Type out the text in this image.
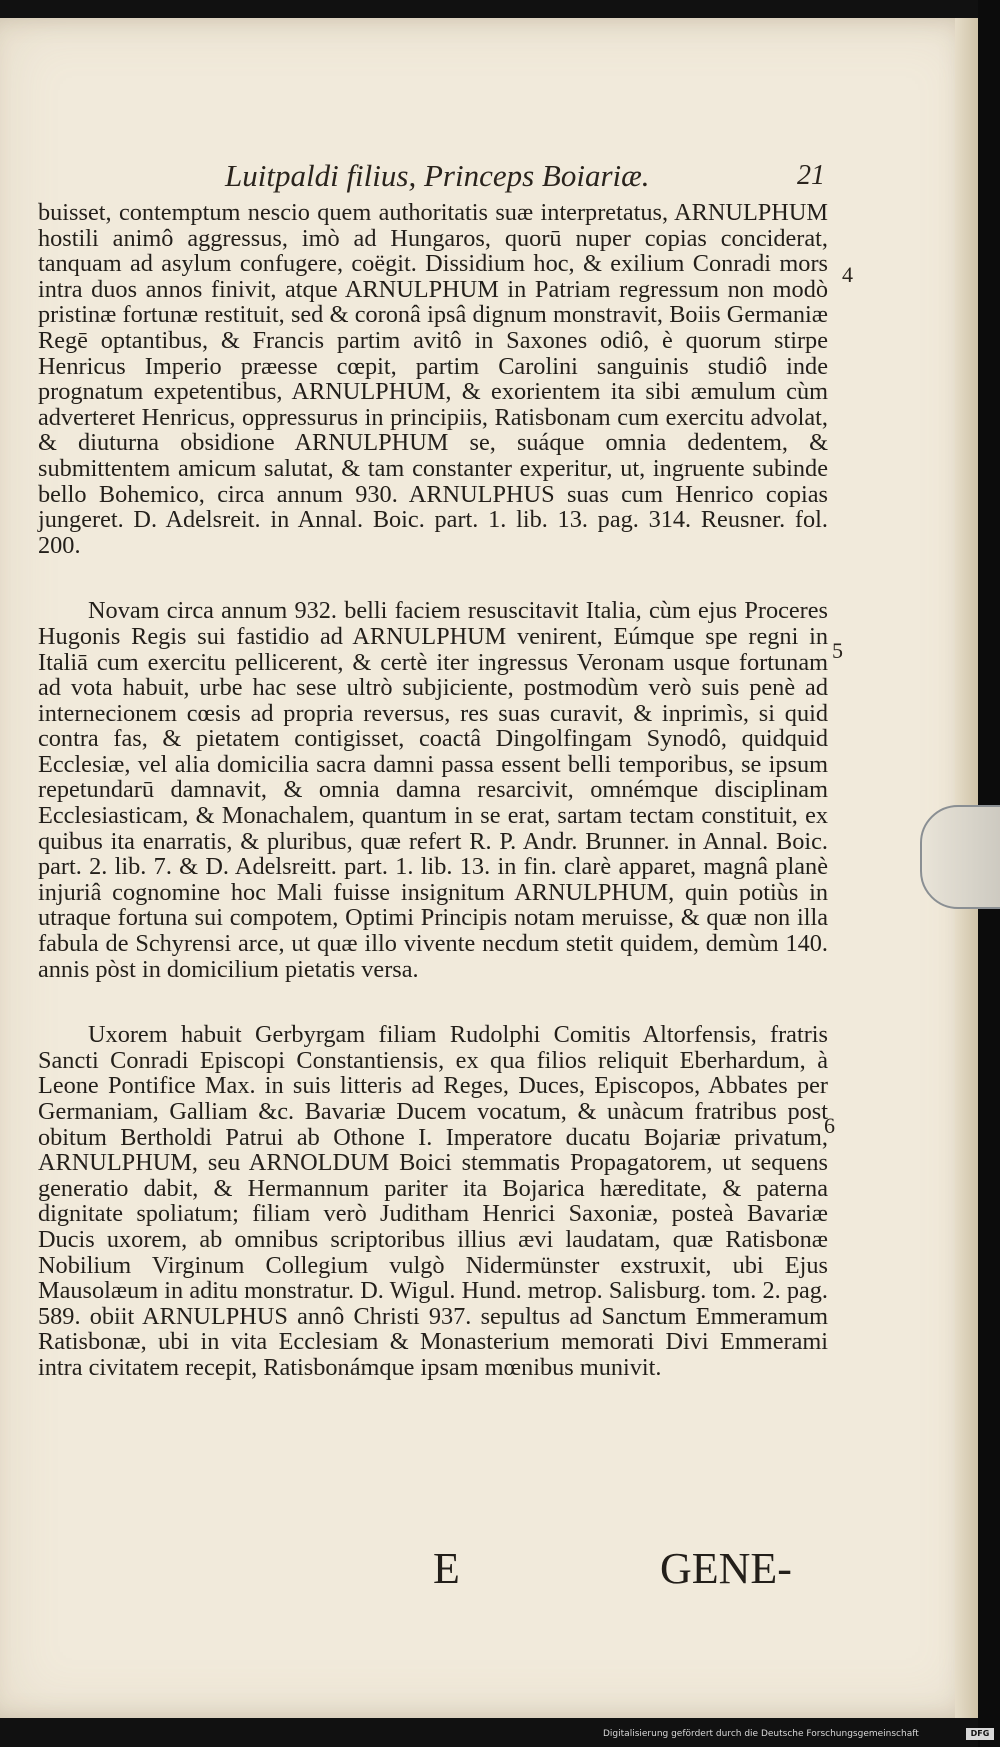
Luitpaldi filius, Princeps Boiariæ.	21

buisset, contemptum nescio quem authoritatis suæ interpretatus, ARNULPHUM hostili animô aggressus, imò ad Hungaros, quorū nuper copias conciderat, tanquam ad asylum confugere, coëgit. Dissidium hoc, & exilium Conradi mors intra duos annos finivit, atque ARNULPHUM in Patriam regressum non modò pristinæ fortunæ restituit, sed & coronâ ipsâ dignum monstravit, Boiis Germaniæ Regē optantibus, & Francis partim avitô in Saxones odiô, è quorum stirpe Henricus Imperio præesse cœpit, partim Carolini sanguinis studiô inde prognatum expetentibus, ARNULPHUM, & exorientem ita sibi æmulum cùm adverteret Henricus, oppressurus in principiis, Ratisbonam cum exercitu advolat, & diuturna obsidione ARNULPHUM se, suáque omnia dedentem, & submittentem amicum salutat, & tam constanter experitur, ut, ingruente subinde bello Bohemico, circa annum 930. ARNULPHUS suas cum Henrico copias jungeret. D. Adelsreit. in Annal. Boic. part. 1. lib. 13. pag. 314. Reusner. fol. 200.

Novam circa annum 932. belli faciem resuscitavit Italia, cùm ejus Proceres Hugonis Regis sui fastidio ad ARNULPHUM venirent, Eúmque spe regni in Italiā cum exercitu pellicerent, & certè iter ingressus Veronam usque fortunam ad vota habuit, urbe hac sese ultrò subjiciente, postmodùm verò suis penè ad internecionem cœsis ad propria reversus, res suas curavit, & inprimìs, si quid contra fas, & pietatem contigisset, coactâ Dingolfingam Synodô, quidquid Ecclesiæ, vel alia domicilia sacra damni passa essent belli temporibus, se ipsum repetundarū damnavit, & omnia damna resarcivit, omnémque disciplinam Ecclesiasticam, & Monachalem, quantum in se erat, sartam tectam constituit, ex quibus ita enarratis, & pluribus, quæ refert R. P. Andr. Brunner. in Annal. Boic. part. 2. lib. 7. & D. Adelsreitt. part. 1. lib. 13. in fin. clarè apparet, magnâ planè injuriâ cognomine hoc Mali fuisse insignitum ARNULPHUM, quin potiùs in utraque fortuna sui compotem, Optimi Principis notam meruisse, & quæ non illa fabula de Schyrensi arce, ut quæ illo vivente necdum stetit quidem, demùm 140. annis pòst in domicilium pietatis versa.

Uxorem habuit Gerbyrgam filiam Rudolphi Comitis Altorfensis, fratris Sancti Conradi Episcopi Constantiensis, ex qua filios reliquit Eberhardum, à Leone Pontifice Max. in suis litteris ad Reges, Duces, Episcopos, Abbates per Germaniam, Galliam &c. Bavariæ Ducem vocatum, & unàcum fratribus post obitum Bertholdi Patrui ab Othone I. Imperatore ducatu Bojariæ privatum, ARNULPHUM, seu ARNOLDUM Boici stemmatis Propagatorem, ut sequens generatio dabit, & Hermannum pariter ita Bojarica hæreditate, & paterna dignitate spoliatum; filiam verò Juditham Henrici Saxoniæ, posteà Bavariæ Ducis uxorem, ab omnibus scriptoribus illius ævi laudatam, quæ Ratisbonæ Nobilium Virginum Collegium vulgò Nidermünster exstruxit, ubi Ejus Mausolæum in aditu monstratur. D. Wigul. Hund. metrop. Salisburg. tom. 2. pag. 589. obiit ARNULPHUS annô Christi 937. sepultus ad Sanctum Emmeramum Ratisbonæ, ubi in vita Ecclesiam & Monasterium memorati Divi Emmerami intra civitatem recepit, Ratisbonámque ipsam mœnibus munivit.

4
5
6
E	GENE-
Digitalisierung gefördert durch die Deutsche Forschungsgemeinschaft	DFG
